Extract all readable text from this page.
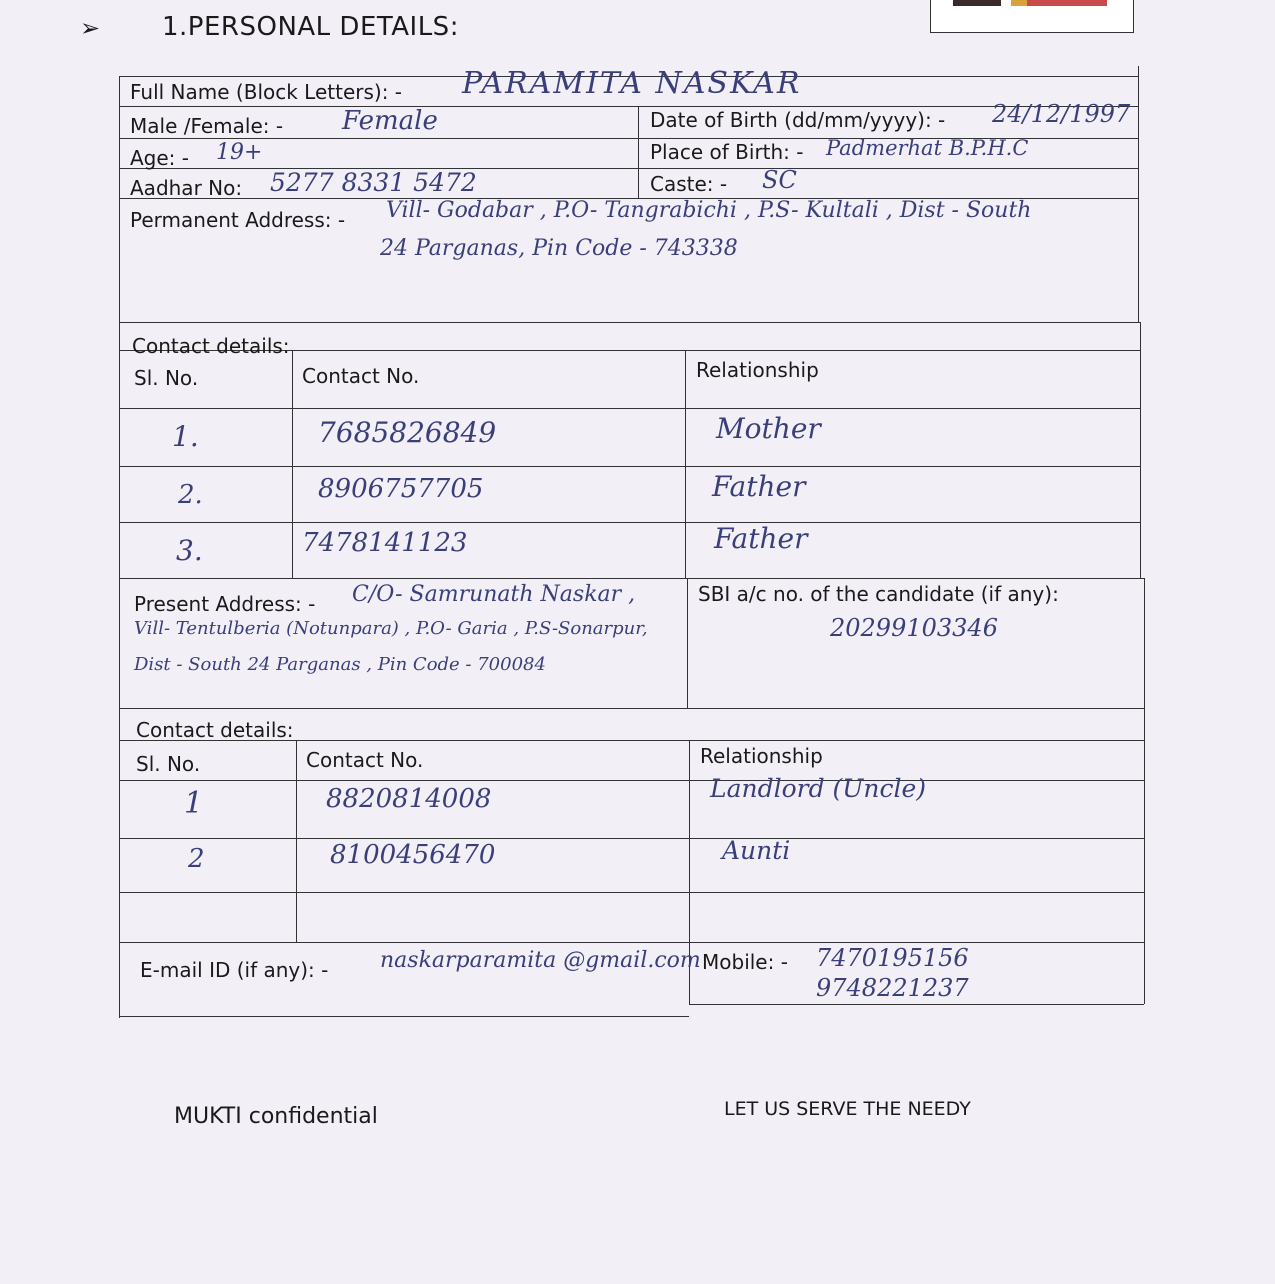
➢ 1.PERSONAL DETAILS:
Full Name (Block Letters): - PARAMITA NASKAR
Male /Female: - Female	Date of Birth (dd/mm/yyyy): - 24/12/1997
Age: - 19+	Place of Birth: - Padmerhat B.P.H.C
Aadhar No: 5277 8331 5472	Caste: - SC
Permanent Address: - Vill- Godabar , P.O- Tangrabichi , P.S- Kultali , Dist - South
24 Parganas, Pin Code - 743338
Contact details:
Sl. No.	Contact No.	Relationship
1.	7685826849	Mother
2.	8906757705	Father
3.	7478141123	Father
Present Address: - C/O- Samrunath Naskar ,
Vill- Tentulberia (Notunpara) , P.O- Garia , P.S-Sonarpur,
Dist - South 24 Parganas , Pin Code - 700084
SBI a/c no. of the candidate (if any):
20299103346
Contact details:
Sl. No.	Contact No.	Relationship
1	8820814008	Landlord (Uncle)
2	8100456470	Aunti
E-mail ID (if any): - naskarparamita @gmail.com Mobile: - 7470195156
9748221237
MUKTI confidential	LET US SERVE THE NEEDY
